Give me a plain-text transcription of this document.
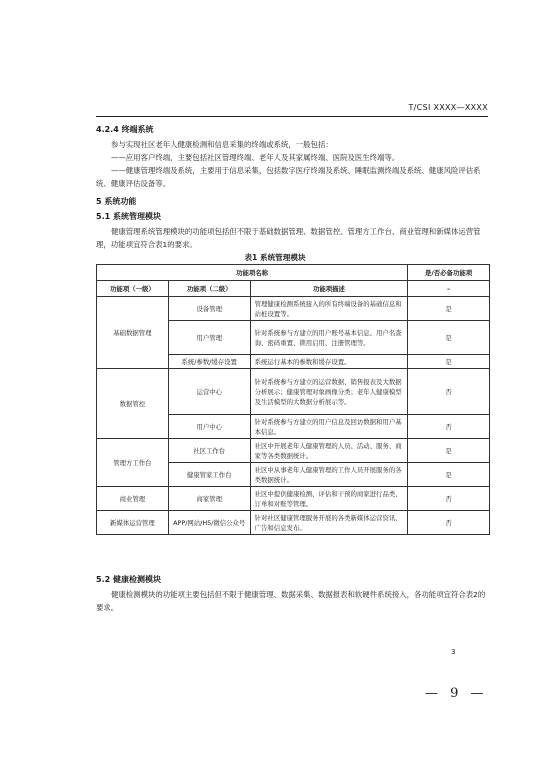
T/CSI XXXX—XXXX
4.2.4 终端系统
参与实现社区老年人健康检测和信息采集的终端或系统，一般包括：
——应用客户终端，主要包括社区管理终端、老年人及其家属终端、医院及医生终端等。
——健康管理终端及系统，主要用于信息采集，包括数字医疗终端及系统、睡眠监测终端及系统、健康风险评估系统、健康评估设备等。
5 系统功能
5.1 系统管理模块
健康管理系统管理模块的功能项包括但不限于基础数据管理、数据管控、管理方工作台、商业管理和新媒体运营管理，功能项宜符合表1的要求。
表1 系统管理模块
功能项名称			是/否必备功能项
功能项（一级）	功能项（二级）	功能项描述	–
基础数据管理	设备管理	管理健康检测系统接入的所有终端设备的基础信息和站桩设置等。	是
	用户管理	针对系统参与方建立的用户账号基本信息、用户名查询、密码重置、锁用启用、注册管理等。	是
	系统/参数/缓存设置	系统运行基本的参数和缓存设置。	是
数据管控	运营中心	针对系统参与方建立的运营数据、销售报表及大数据分析展示；健康管理对象画像分类；老年人健康模型及生活模型的大数据分析展示等。	否
	用户中心	针对系统参与方建立的用户信息及回访数据和用户基本信息。	否
管理方工作台	社区工作台	社区中开展老年人健康管理的人员、活动、服务、商家等各类数据统计。	是
	健康管家工作台	社区中从事老年人健康管理的工作人员开展服务的各类数据统计。	是
商业管理	商家管理	社区中提供健康检测、评估和干预的商家进行品类、订单和对账等管理。	否
新媒体运营管理	APP/网站/H5/微信公众号	针对社区健康管理服务开展的各类新媒体运营资讯、广告和信息发布。	否
5.2 健康检测模块
健康检测模块的功能项主要包括但不限于健康管理、数据采集、数据报表和软硬件系统接入，各功能项宜符合表2的要求。
3
— 9 —
